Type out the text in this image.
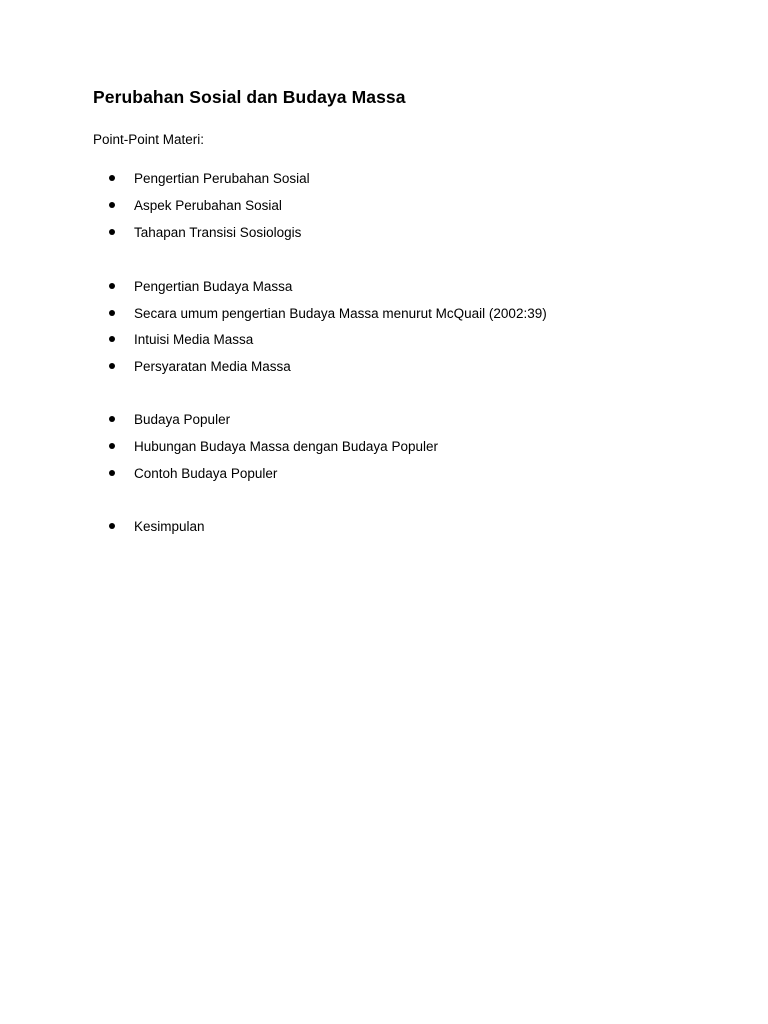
Perubahan Sosial dan Budaya Massa
Point-Point Materi:
Pengertian Perubahan Sosial
Aspek Perubahan Sosial
Tahapan Transisi Sosiologis
Pengertian Budaya Massa
Secara umum pengertian Budaya Massa menurut McQuail (2002:39)
Intuisi Media Massa
Persyaratan Media Massa
Budaya Populer
Hubungan Budaya Massa dengan Budaya Populer
Contoh Budaya Populer
Kesimpulan
